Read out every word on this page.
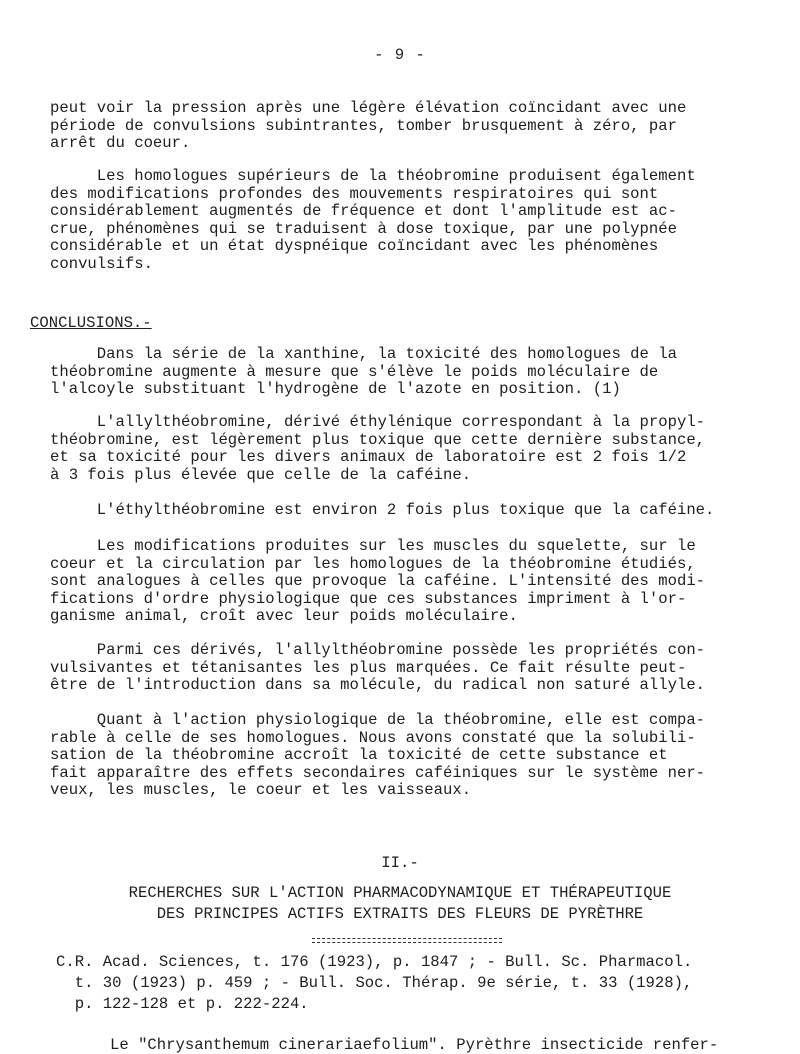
- 9 -
peut voir la pression après une légère élévation coïncidant avec une
période de convulsions subintrantes, tomber brusquement à zéro, par
arrêt du coeur.
Les homologues supérieurs de la théobromine produisent également
des modifications profondes des mouvements respiratoires qui sont
considérablement augmentés de fréquence et dont l'amplitude est ac-
crue, phénomènes qui se traduisent à dose toxique, par une polypnée
considérable et un état dyspnéique coïncidant avec les phénomènes
convulsifs.
CONCLUSIONS.-
Dans la série de la xanthine, la toxicité des homologues de la
théobromine augmente à mesure que s'élève le poids moléculaire de
l'alcoyle substituant l'hydrogène de l'azote en position. (1)
L'allylthéobromine, dérivé éthylénique correspondant à la propyl-
théobromine, est légèrement plus toxique que cette dernière substance,
et sa toxicité pour les divers animaux de laboratoire est 2 fois 1/2
à 3 fois plus élevée que celle de la caféine.
L'éthylthéobromine est environ 2 fois plus toxique que la caféine.
Les modifications produites sur les muscles du squelette, sur le
coeur et la circulation par les homologues de la théobromine étudiés,
sont analogues à celles que provoque la caféine. L'intensité des modi-
fications d'ordre physiologique que ces substances impriment à l'or-
ganisme animal, croît avec leur poids moléculaire.
Parmi ces dérivés, l'allylthéobromine possède les propriétés con-
vulsivantes et tétanisantes les plus marquées. Ce fait résulte peut-
être de l'introduction dans sa molécule, du radical non saturé allyle.
Quant à l'action physiologique de la théobromine, elle est compa-
rable à celle de ses homologues. Nous avons constaté que la solubili-
sation de la théobromine accroît la toxicité de cette substance et
fait apparaître des effets secondaires caféiniques sur le système ner-
veux, les muscles, le coeur et les vaisseaux.
II.-
RECHERCHES SUR L'ACTION PHARMACODYNAMIQUE ET THÉRAPEUTIQUE
DES PRINCIPES ACTIFS EXTRAITS DES FLEURS DE PYRÈTHRE
C.R. Acad. Sciences, t. 176 (1923), p. 1847 ; - Bull. Sc. Pharmacol.
t. 30 (1923) p. 459 ; - Bull. Soc. Thérap. 9e série, t. 33 (1928),
p. 122-128 et p. 222-224.
Le "Chrysanthemum cinerariaefolium". Pyrèthre insecticide renfer-
